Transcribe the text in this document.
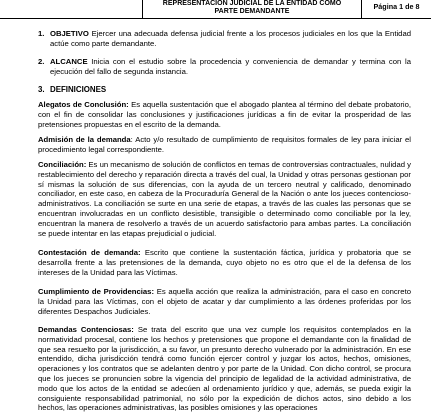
REPRESENTACIÓN JUDICIAL DE LA ENTIDAD COMO
PARTE DEMANDANTE
Página 1 de 8
1. OBJETIVO Ejercer una adecuada defensa judicial frente a los procesos judiciales en los que la Entidad actúe como parte demandante.
2. ALCANCE Inicia con el estudio sobre la procedencia y conveniencia de demandar y termina con la ejecución del fallo de segunda instancia.
3. DEFINICIONES
Alegatos de Conclusión: Es aquella sustentación que el abogado plantea al término del debate probatorio, con el fin de consolidar las conclusiones y justificaciones jurídicas a fin de evitar la prosperidad de las pretensiones propuestas en el escrito de la demanda.
Admisión de la demanda: Acto y/o resultado de cumplimiento de requisitos formales de ley para iniciar el procedimiento legal correspondiente.
Conciliación: Es un mecanismo de solución de conflictos en temas de controversias contractuales, nulidad y restablecimiento del derecho y reparación directa a través del cual, la Unidad y otras personas gestionan por sí mismas la solución de sus diferencias, con la ayuda de un tercero neutral y calificado, denominado conciliador, en este caso, en cabeza de la Procuraduría General de la Nación o ante los jueces contencioso-administrativos. La conciliación se surte en una serie de etapas, a través de las cuales las personas que se encuentran involucradas en un conflicto desistible, transigible o determinado como conciliable por la ley, encuentran la manera de resolverlo a través de un acuerdo satisfactorio para ambas partes. La conciliación se puede intentar en las etapas prejudicial o judicial.
Contestación de demanda: Escrito que contiene la sustentación fáctica, jurídica y probatoria que se desarrolla frente a las pretensiones de la demanda, cuyo objeto no es otro que el de la defensa de los intereses de la Unidad para las Víctimas.
Cumplimiento de Providencias: Es aquella acción que realiza la administración, para el caso en concreto la Unidad para las Víctimas, con el objeto de acatar y dar cumplimiento a las órdenes proferidas por los diferentes Despachos Judiciales.
Demandas Contenciosas: Se trata del escrito que una vez cumple los requisitos contemplados en la normatividad procesal, contiene los hechos y pretensiones que propone el demandante con la finalidad de que sea resuelto por la jurisdicción, a su favor, un presunto derecho vulnerado por la administración. En ese entendido, dicha jurisdicción tendrá como función ejercer control y juzgar los actos, hechos, omisiones, operaciones y los contratos que se adelanten dentro y por parte de la Unidad. Con dicho control, se procura que los jueces se pronuncien sobre la vigencia del principio de legalidad de la actividad administrativa, de modo que los actos de la entidad se adecúen al ordenamiento jurídico y que, además, se pueda exigir la consiguiente responsabilidad patrimonial, no sólo por la expedición de dichos actos, sino debido a los hechos, las operaciones administrativas, las posibles omisiones y las operaciones
